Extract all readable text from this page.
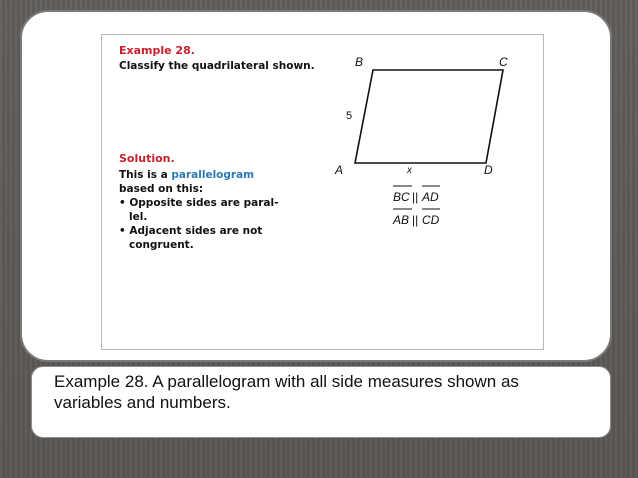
Example 28.
Classify the quadrilateral shown.
Solution.

This is a parallelogram

based on this:

• Opposite sides are paral-

lel.

• Adjacent sides are not

congruent.

B	C
A	D
5
x
BC || AD
AB || CD
Example 28. A parallelogram with all side measures shown as variables and numbers.
